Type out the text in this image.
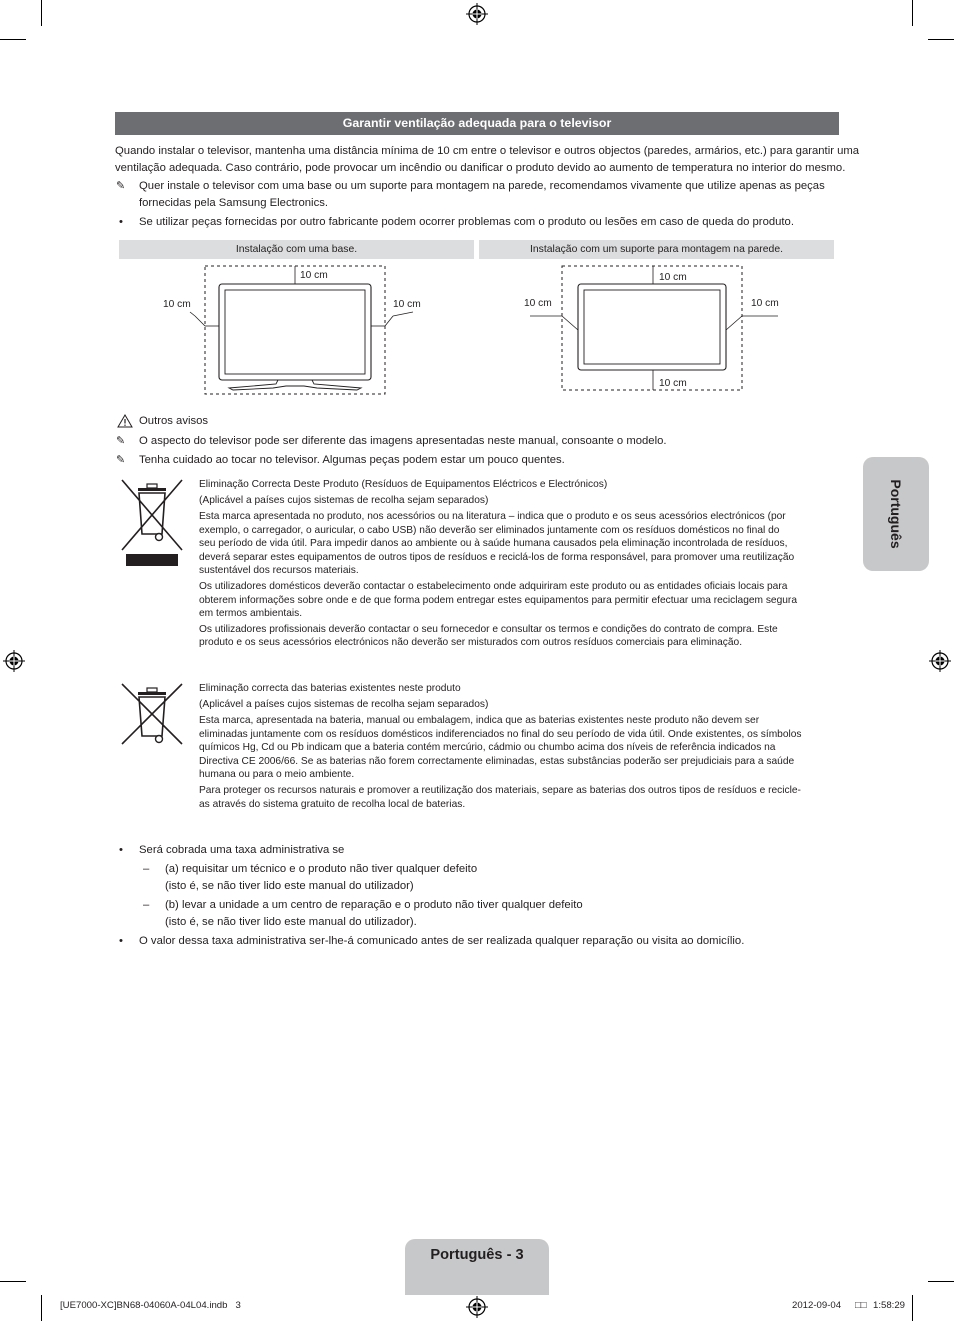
Garantir ventilação adequada para o televisor
Quando instalar o televisor, mantenha uma distância mínima de 10 cm entre o televisor e outros objectos (paredes, armários, etc.) para garantir uma
ventilação adequada. Caso contrário, pode provocar um incêndio ou danificar o produto devido ao aumento de temperatura no interior do mesmo.
✎ Quer instale o televisor com uma base ou um suporte para montagem na parede, recomendamos vivamente que utilize apenas as peças
fornecidas pela Samsung Electronics.
• Se utilizar peças fornecidas por outro fabricante podem ocorrer problemas com o produto ou lesões em caso de queda do produto.
Instalação com uma base.	Instalação com um suporte para montagem na parede.
10 cm
10 cm	10 cm
10 cm
10 cm	10 cm
10 cm
Outros avisos
✎ O aspecto do televisor pode ser diferente das imagens apresentadas neste manual, consoante o modelo.
✎ Tenha cuidado ao tocar no televisor. Algumas peças podem estar um pouco quentes.
Eliminação Correcta Deste Produto (Resíduos de Equipamentos Eléctricos e Electrónicos)
(Aplicável a países cujos sistemas de recolha sejam separados)
Esta marca apresentada no produto, nos acessórios ou na literatura – indica que o produto e os seus acessórios electrónicos (por
exemplo, o carregador, o auricular, o cabo USB) não deverão ser eliminados juntamente com os resíduos domésticos no final do
seu período de vida útil. Para impedir danos ao ambiente ou à saúde humana causados pela eliminação incontrolada de resíduos,
deverá separar estes equipamentos de outros tipos de resíduos e reciclá-los de forma responsável, para promover uma reutilização
sustentável dos recursos materiais.
Os utilizadores domésticos deverão contactar o estabelecimento onde adquiriram este produto ou as entidades oficiais locais para
obterem informações sobre onde e de que forma podem entregar estes equipamentos para permitir efectuar uma reciclagem segura
em termos ambientais.
Os utilizadores profissionais deverão contactar o seu fornecedor e consultar os termos e condições do contrato de compra. Este
produto e os seus acessórios electrónicos não deverão ser misturados com outros resíduos comerciais para eliminação.
Eliminação correcta das baterias existentes neste produto
(Aplicável a países cujos sistemas de recolha sejam separados)
Esta marca, apresentada na bateria, manual ou embalagem, indica que as baterias existentes neste produto não devem ser
eliminadas juntamente com os resíduos domésticos indiferenciados no final do seu período de vida útil. Onde existentes, os símbolos
químicos Hg, Cd ou Pb indicam que a bateria contém mercúrio, cádmio ou chumbo acima dos níveis de referência indicados na
Directiva CE 2006/66. Se as baterias não forem correctamente eliminadas, estas substâncias poderão ser prejudiciais para a saúde
humana ou para o meio ambiente.
Para proteger os recursos naturais e promover a reutilização dos materiais, separe as baterias dos outros tipos de resíduos e recicle-
as através do sistema gratuito de recolha local de baterias.
• Será cobrada uma taxa administrativa se
– (a) requisitar um técnico e o produto não tiver qualquer defeito
(isto é, se não tiver lido este manual do utilizador)
– (b) levar a unidade a um centro de reparação e o produto não tiver qualquer defeito
(isto é, se não tiver lido este manual do utilizador).
• O valor dessa taxa administrativa ser-lhe-á comunicado antes de ser realizada qualquer reparação ou visita ao domicílio.
Português
Português - 3
[UE7000-XC]BN68-04060A-04L04.indb   3	2012-09-04 □□ 1:58:29
